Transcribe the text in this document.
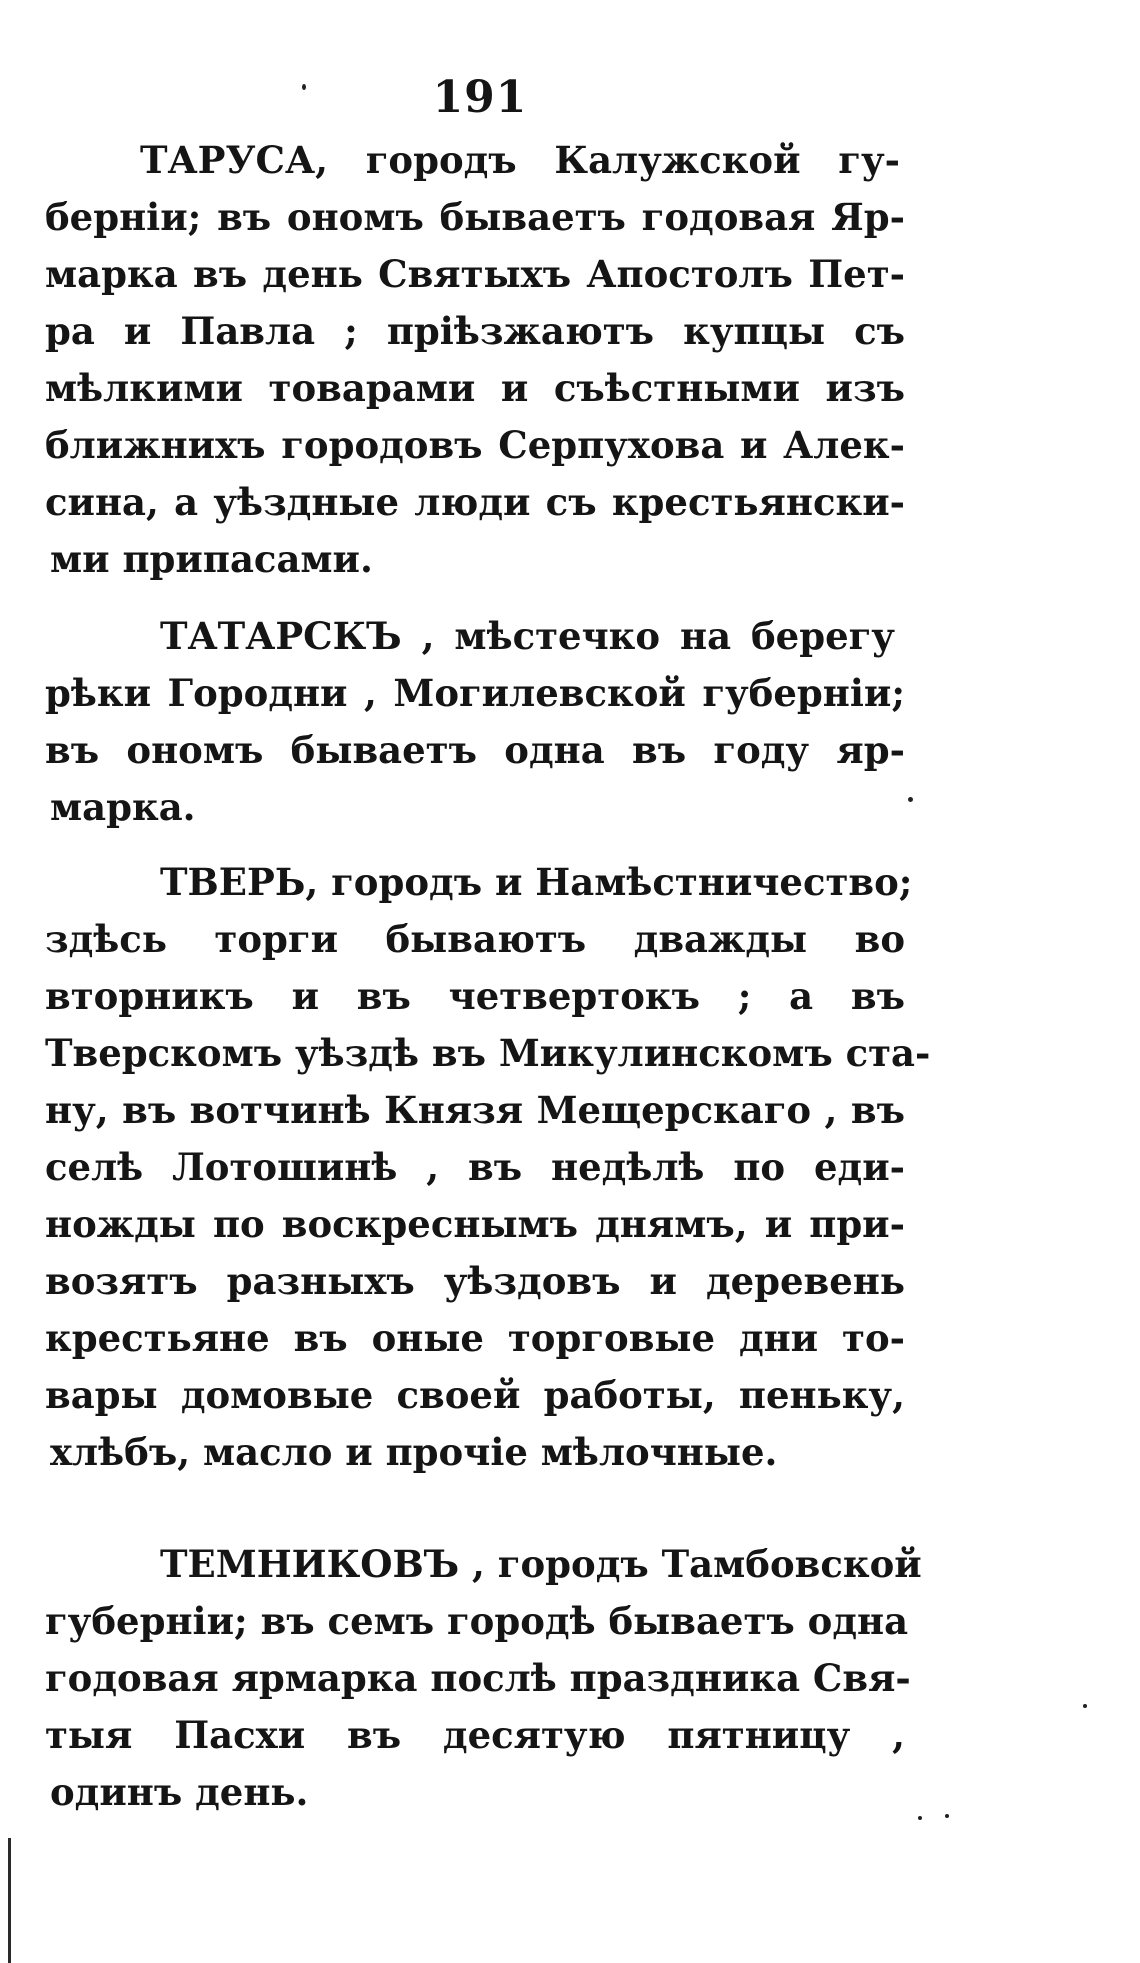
191
ТАРУСА, городъ Калужской гу-
берніи; въ ономъ бываетъ годовая Яр-
марка въ день Святыхъ Апостолъ Пет-
ра и Павла ; пріѣзжаютъ купцы съ
мѣлкими товарами и съѣстными изъ
ближнихъ городовъ Серпухова и Алек-
сина, а уѣздные люди съ крестьянски-
ми припасами.
ТАТАРСКЪ , мѣстечко на берегу
рѣки Городни , Могилевской губерніи;
въ ономъ бываетъ одна въ году яр-
марка.
ТВЕРЬ, городъ и Намѣстничество;
здѣсь торги бываютъ дважды во
вторникъ и въ четвертокъ ; а въ
Тверскомъ уѣздѣ въ Микулинскомъ ста-
ну, въ вотчинѣ Князя Мещерскаго , въ
селѣ Лотошинѣ , въ недѣлѣ по еди-
ножды по воскреснымъ днямъ, и при-
возятъ разныхъ уѣздовъ и деревень
крестьяне въ оные торговые дни то-
вары домовые своей работы, пеньку,
хлѣбъ, масло и прочіе мѣлочные.
ТЕМНИКОВЪ , городъ Тамбовской
губерніи; въ семъ городѣ бываетъ одна
годовая ярмарка послѣ праздника Свя-
тыя Пасхи въ десятую пятницу ,
одинъ день.
